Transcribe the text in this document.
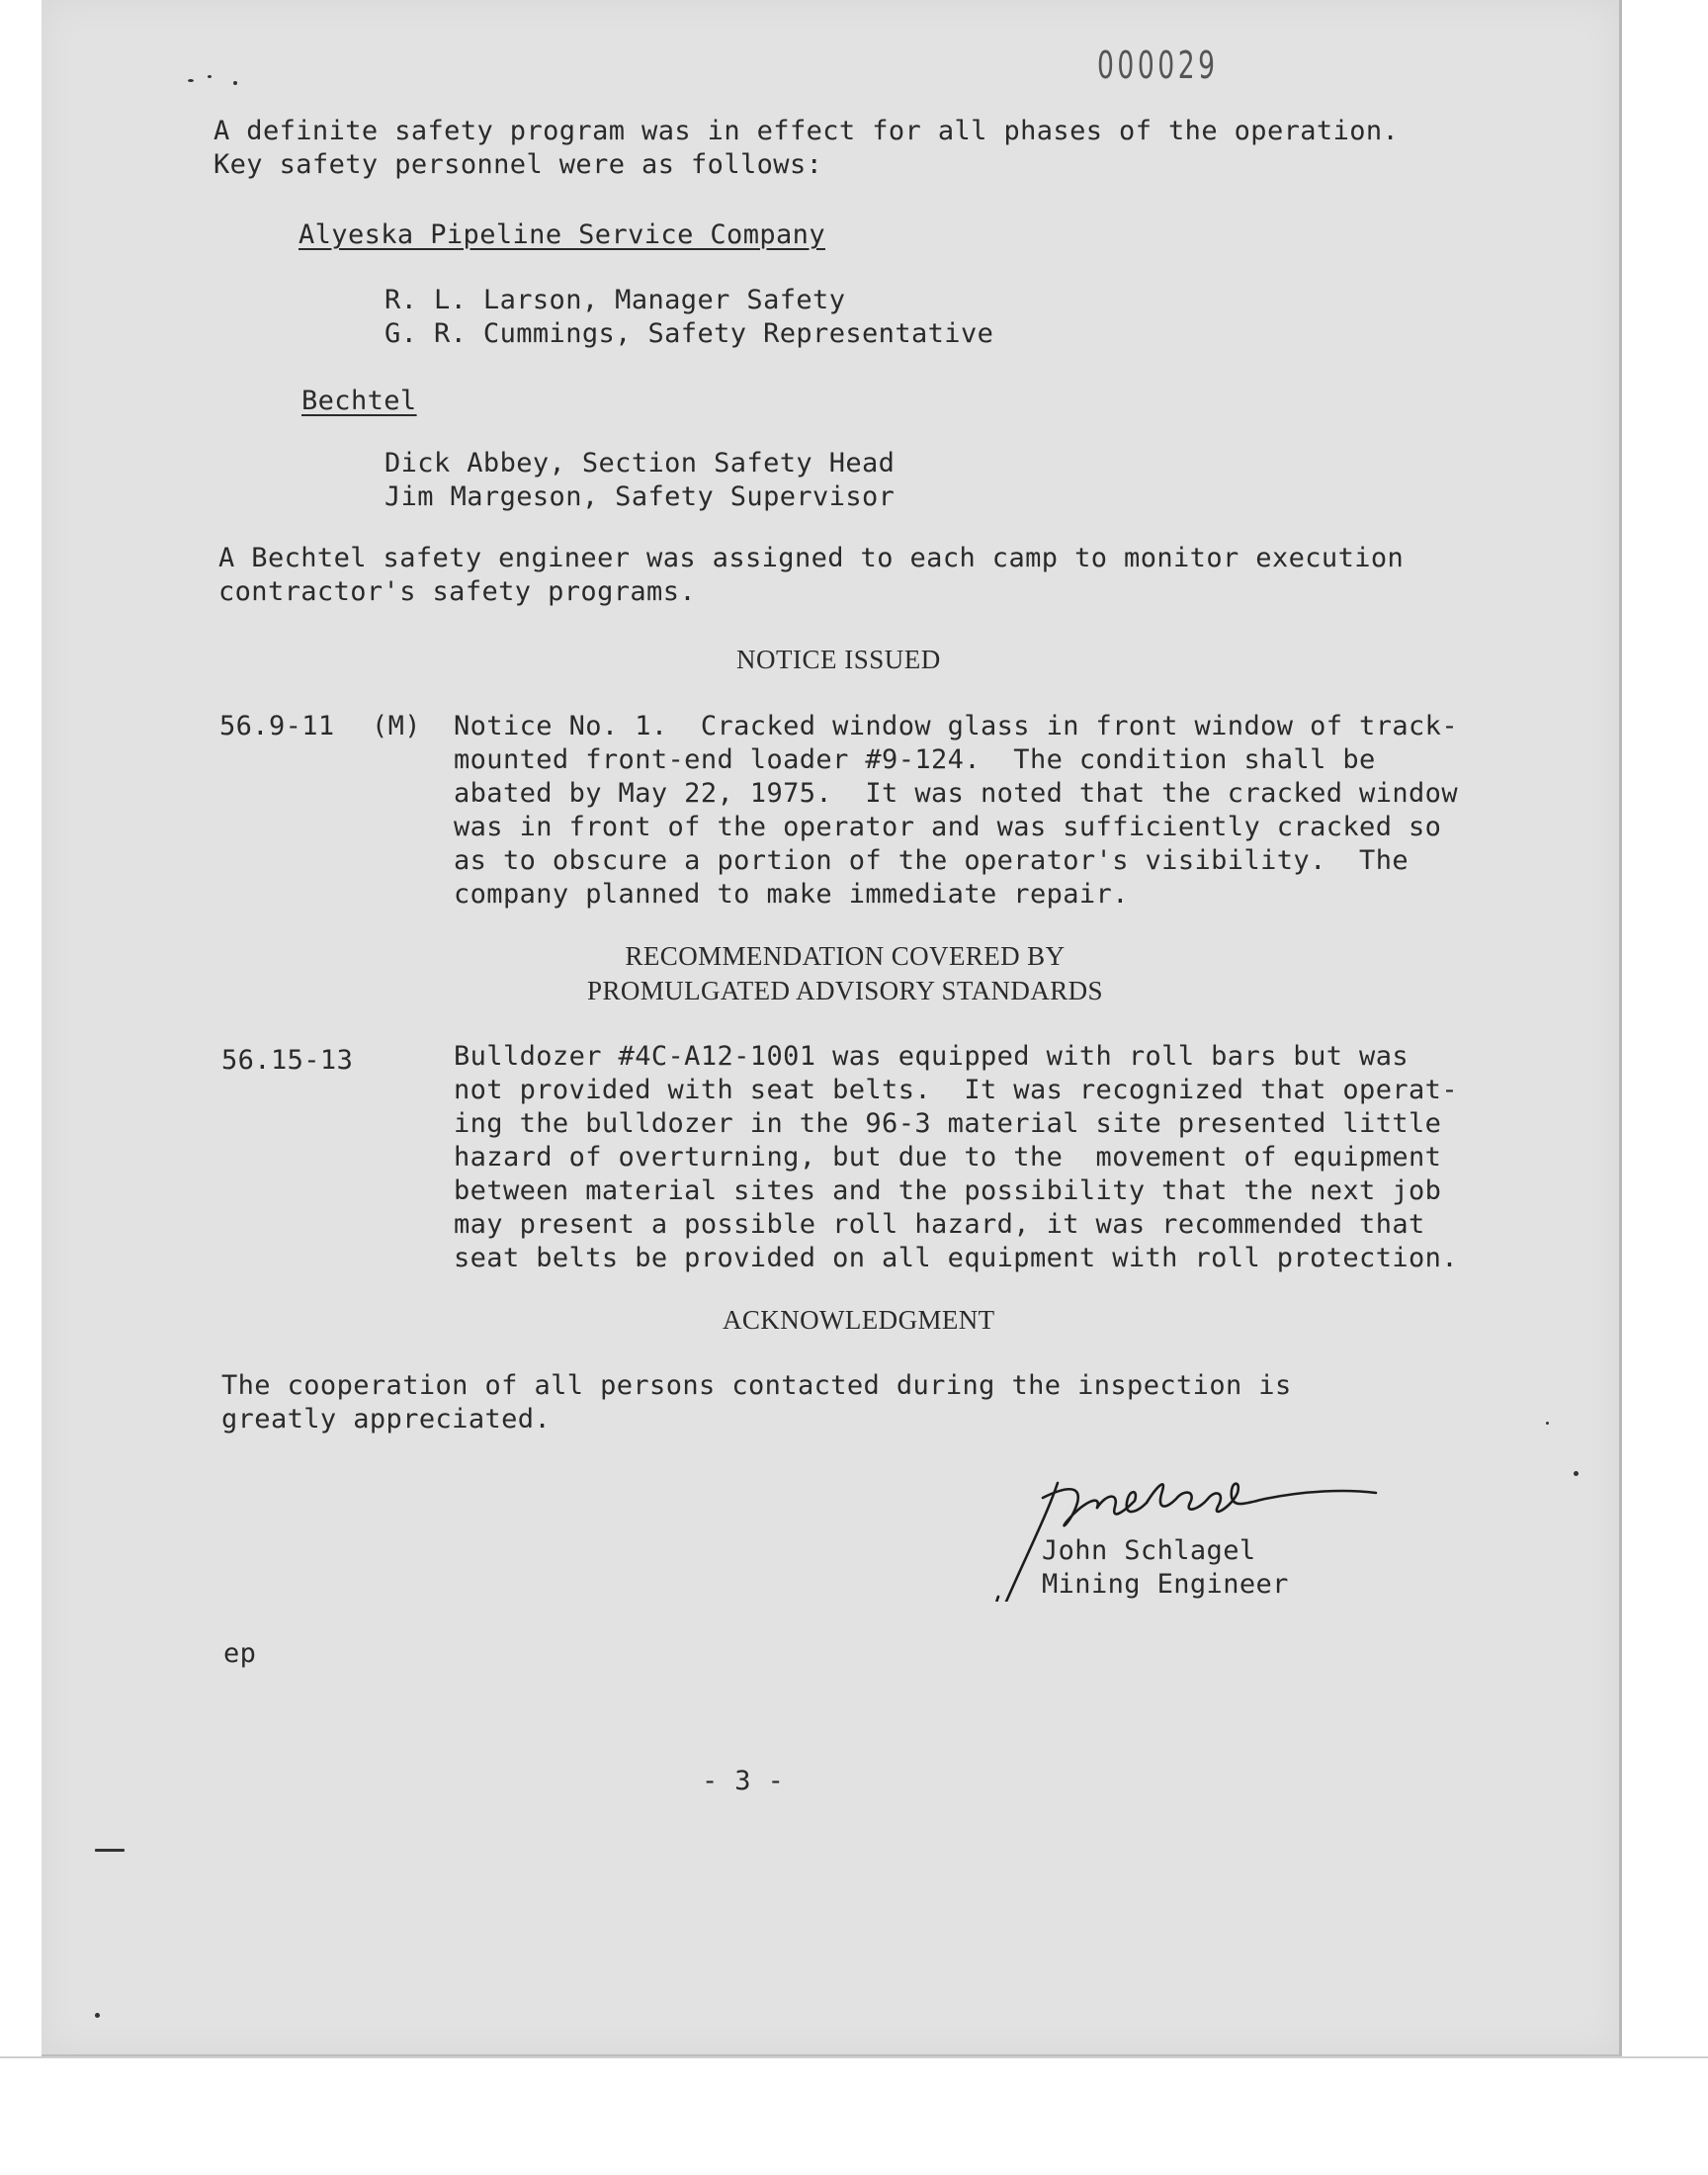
000029
A definite safety program was in effect for all phases of the operation.
Key safety personnel were as follows:
Alyeska Pipeline Service Company
R. L. Larson, Manager Safety
G. R. Cummings, Safety Representative
Bechtel
Dick Abbey, Section Safety Head
Jim Margeson, Safety Supervisor
A Bechtel safety engineer was assigned to each camp to monitor execution
contractor's safety programs.
NOTICE ISSUED
56.9-11 (M) Notice No. 1.  Cracked window glass in front window of track-
mounted front-end loader #9-124.  The condition shall be
abated by May 22, 1975.  It was noted that the cracked window
was in front of the operator and was sufficiently cracked so
as to obscure a portion of the operator's visibility.  The
company planned to make immediate repair.
RECOMMENDATION COVERED BY
PROMULGATED ADVISORY STANDARDS
56.15-13	Bulldozer #4C-A12-1001 was equipped with roll bars but was
not provided with seat belts.  It was recognized that operat-
ing the bulldozer in the 96-3 material site presented little
hazard of overturning, but due to the  movement of equipment
between material sites and the possibility that the next job
may present a possible roll hazard, it was recommended that
seat belts be provided on all equipment with roll protection.
ACKNOWLEDGMENT
The cooperation of all persons contacted during the inspection is
greatly appreciated.
John Schlagel
Mining Engineer
ep
- 3 -
